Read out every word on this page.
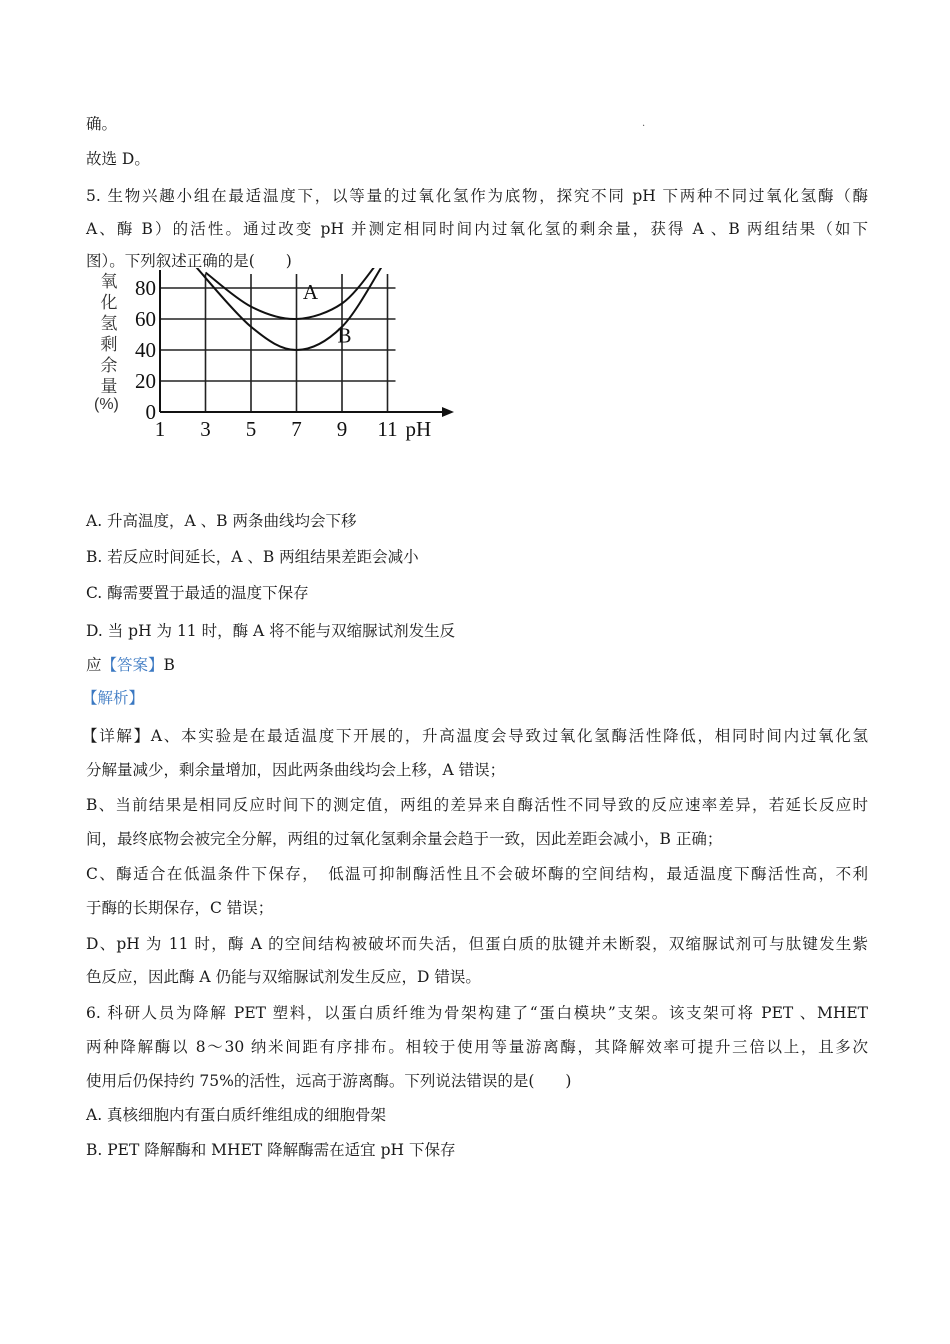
确。	.
故选 D。
5. 生物兴趣小组在最适温度下，以等量的过氧化氢作为底物，探究不同 pH 下两种不同过氧化氢酶（酶
A、酶 B）的活性。通过改变 pH 并测定相同时间内过氧化氢的剩余量，获得 A 、B 两组结果（如下
图）。下列叙述正确的是(　　)
氧
化
氢
剩
余
量
(%) 0
20
40
60
80
1 3 5 7 9 11 pH
A
B
A. 升高温度，A 、B 两条曲线均会下移
B. 若反应时间延长，A 、B 两组结果差距会减小
C. 酶需要置于最适的温度下保存
D. 当 pH 为 11 时，酶 A 将不能与双缩脲试剂发生反
应【答案】B
【解析】
【详解】A、本实验是在最适温度下开展的，升高温度会导致过氧化氢酶活性降低，相同时间内过氧化氢
分解量减少，剩余量增加，因此两条曲线均会上移，A 错误；
B、当前结果是相同反应时间下的测定值，两组的差异来自酶活性不同导致的反应速率差异，若延长反应时
间，最终底物会被完全分解，两组的过氧化氢剩余量会趋于一致，因此差距会减小，B 正确；
C、酶适合在低温条件下保存，　低温可抑制酶活性且不会破坏酶的空间结构，最适温度下酶活性高，不利
于酶的长期保存，C 错误；
D、pH 为 11 时，酶 A 的空间结构被破坏而失活，但蛋白质的肽键并未断裂，双缩脲试剂可与肽键发生紫
色反应，因此酶 A 仍能与双缩脲试剂发生反应，D 错误。
6. 科研人员为降解 PET 塑料，以蛋白质纤维为骨架构建了“蛋白模块”支架。该支架可将 PET 、MHET
两种降解酶以 8～30 纳米间距有序排布。相较于使用等量游离酶，其降解效率可提升三倍以上，且多次
使用后仍保持约 75%的活性，远高于游离酶。下列说法错误的是(　　)
A. 真核细胞内有蛋白质纤维组成的细胞骨架
B. PET 降解酶和 MHET 降解酶需在适宜 pH 下保存
